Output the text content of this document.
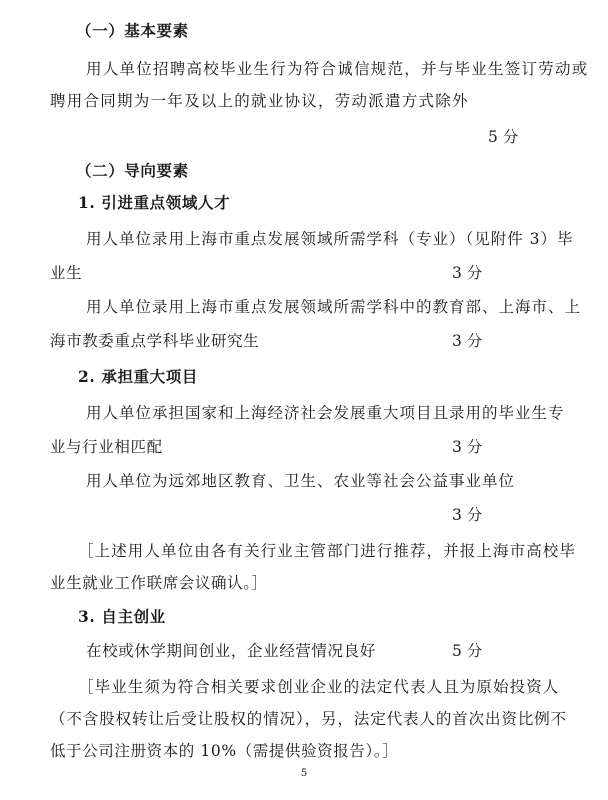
（一）基本要素
用人单位招聘高校毕业生行为符合诚信规范，并与毕业生签订劳动或
聘用合同期为一年及以上的就业协议，劳动派遣方式除外
5 分
（二）导向要素
1. 引进重点领域人才
用人单位录用上海市重点发展领域所需学科（专业）（见附件 3）毕
业生	3 分
用人单位录用上海市重点发展领域所需学科中的教育部、上海市、上
海市教委重点学科毕业研究生	3 分
2. 承担重大项目
用人单位承担国家和上海经济社会发展重大项目且录用的毕业生专
业与行业相匹配	3 分
用人单位为远郊地区教育、卫生、农业等社会公益事业单位
3 分
［上述用人单位由各有关行业主管部门进行推荐，并报上海市高校毕
业生就业工作联席会议确认。］
3. 自主创业
在校或休学期间创业，企业经营情况良好	5 分
［毕业生须为符合相关要求创业企业的法定代表人且为原始投资人
（不含股权转让后受让股权的情况），另，法定代表人的首次出资比例不
低于公司注册资本的 10%（需提供验资报告）。］
5
